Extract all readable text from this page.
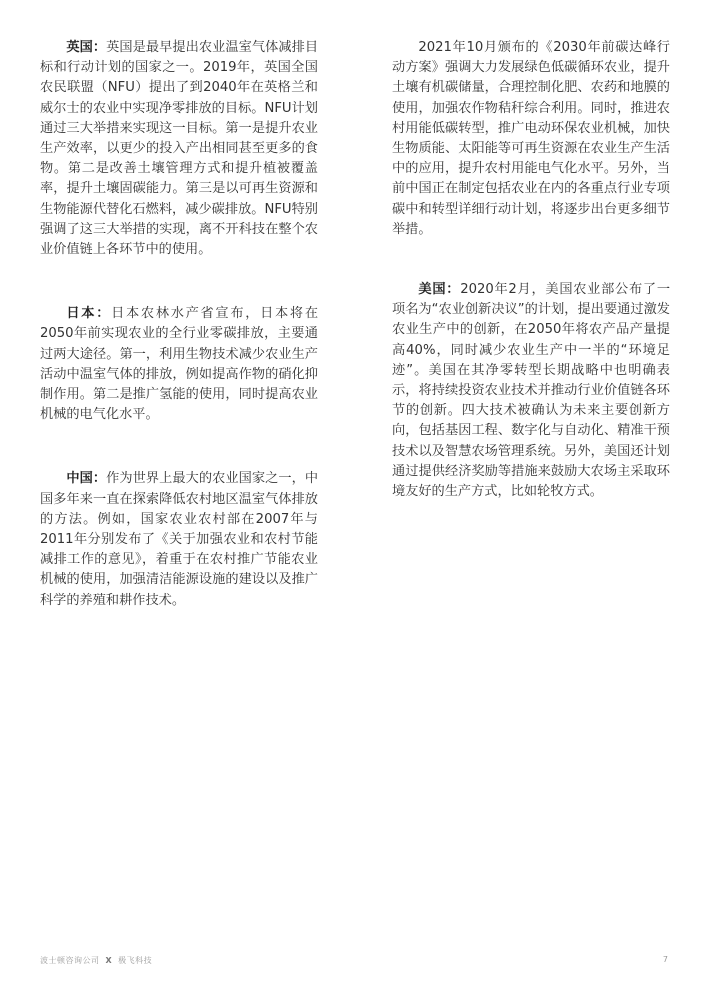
英国：英国是最早提出农业温室气体减排目标和行动计划的国家之一。2019年，英国全国农民联盟（NFU）提出了到2040年在英格兰和威尔士的农业中实现净零排放的目标。NFU计划通过三大举措来实现这一目标。第一是提升农业生产效率，以更少的投入产出相同甚至更多的食物。第二是改善土壤管理方式和提升植被覆盖率，提升土壤固碳能力。第三是以可再生资源和生物能源代替化石燃料，减少碳排放。NFU特别强调了这三大举措的实现，离不开科技在整个农业价值链上各环节中的使用。

日本：日本农林水产省宣布，日本将在2050年前实现农业的全行业零碳排放，主要通过两大途径。第一，利用生物技术减少农业生产活动中温室气体的排放，例如提高作物的硝化抑制作用。第二是推广氢能的使用，同时提高农业机械的电气化水平。

中国：作为世界上最大的农业国家之一，中国多年来一直在探索降低农村地区温室气体排放的方法。例如，国家农业农村部在2007年与2011年分别发布了《关于加强农业和农村节能减排工作的意见》，着重于在农村推广节能农业机械的使用，加强清洁能源设施的建设以及推广科学的养殖和耕作技术。

2021年10月颁布的《2030年前碳达峰行动方案》强调大力发展绿色低碳循环农业，提升土壤有机碳储量，合理控制化肥、农药和地膜的使用，加强农作物秸秆综合利用。同时，推进农村用能低碳转型，推广电动环保农业机械，加快生物质能、太阳能等可再生资源在农业生产生活中的应用，提升农村用能电气化水平。另外，当前中国正在制定包括农业在内的各重点行业专项碳中和转型详细行动计划，将逐步出台更多细节举措。

美国：2020年2月，美国农业部公布了一项名为“农业创新决议”的计划，提出要通过激发农业生产中的创新，在2050年将农产品产量提高40%，同时减少农业生产中一半的“环境足迹”。美国在其净零转型长期战略中也明确表示，将持续投资农业技术并推动行业价值链各环节的创新。四大技术被确认为未来主要创新方向，包括基因工程、数字化与自动化、精准干预技术以及智慧农场管理系统。另外，美国还计划通过提供经济奖励等措施来鼓励大农场主采取环境友好的生产方式，比如轮牧方式。

波士顿咨询公司 X 极飞科技	7
